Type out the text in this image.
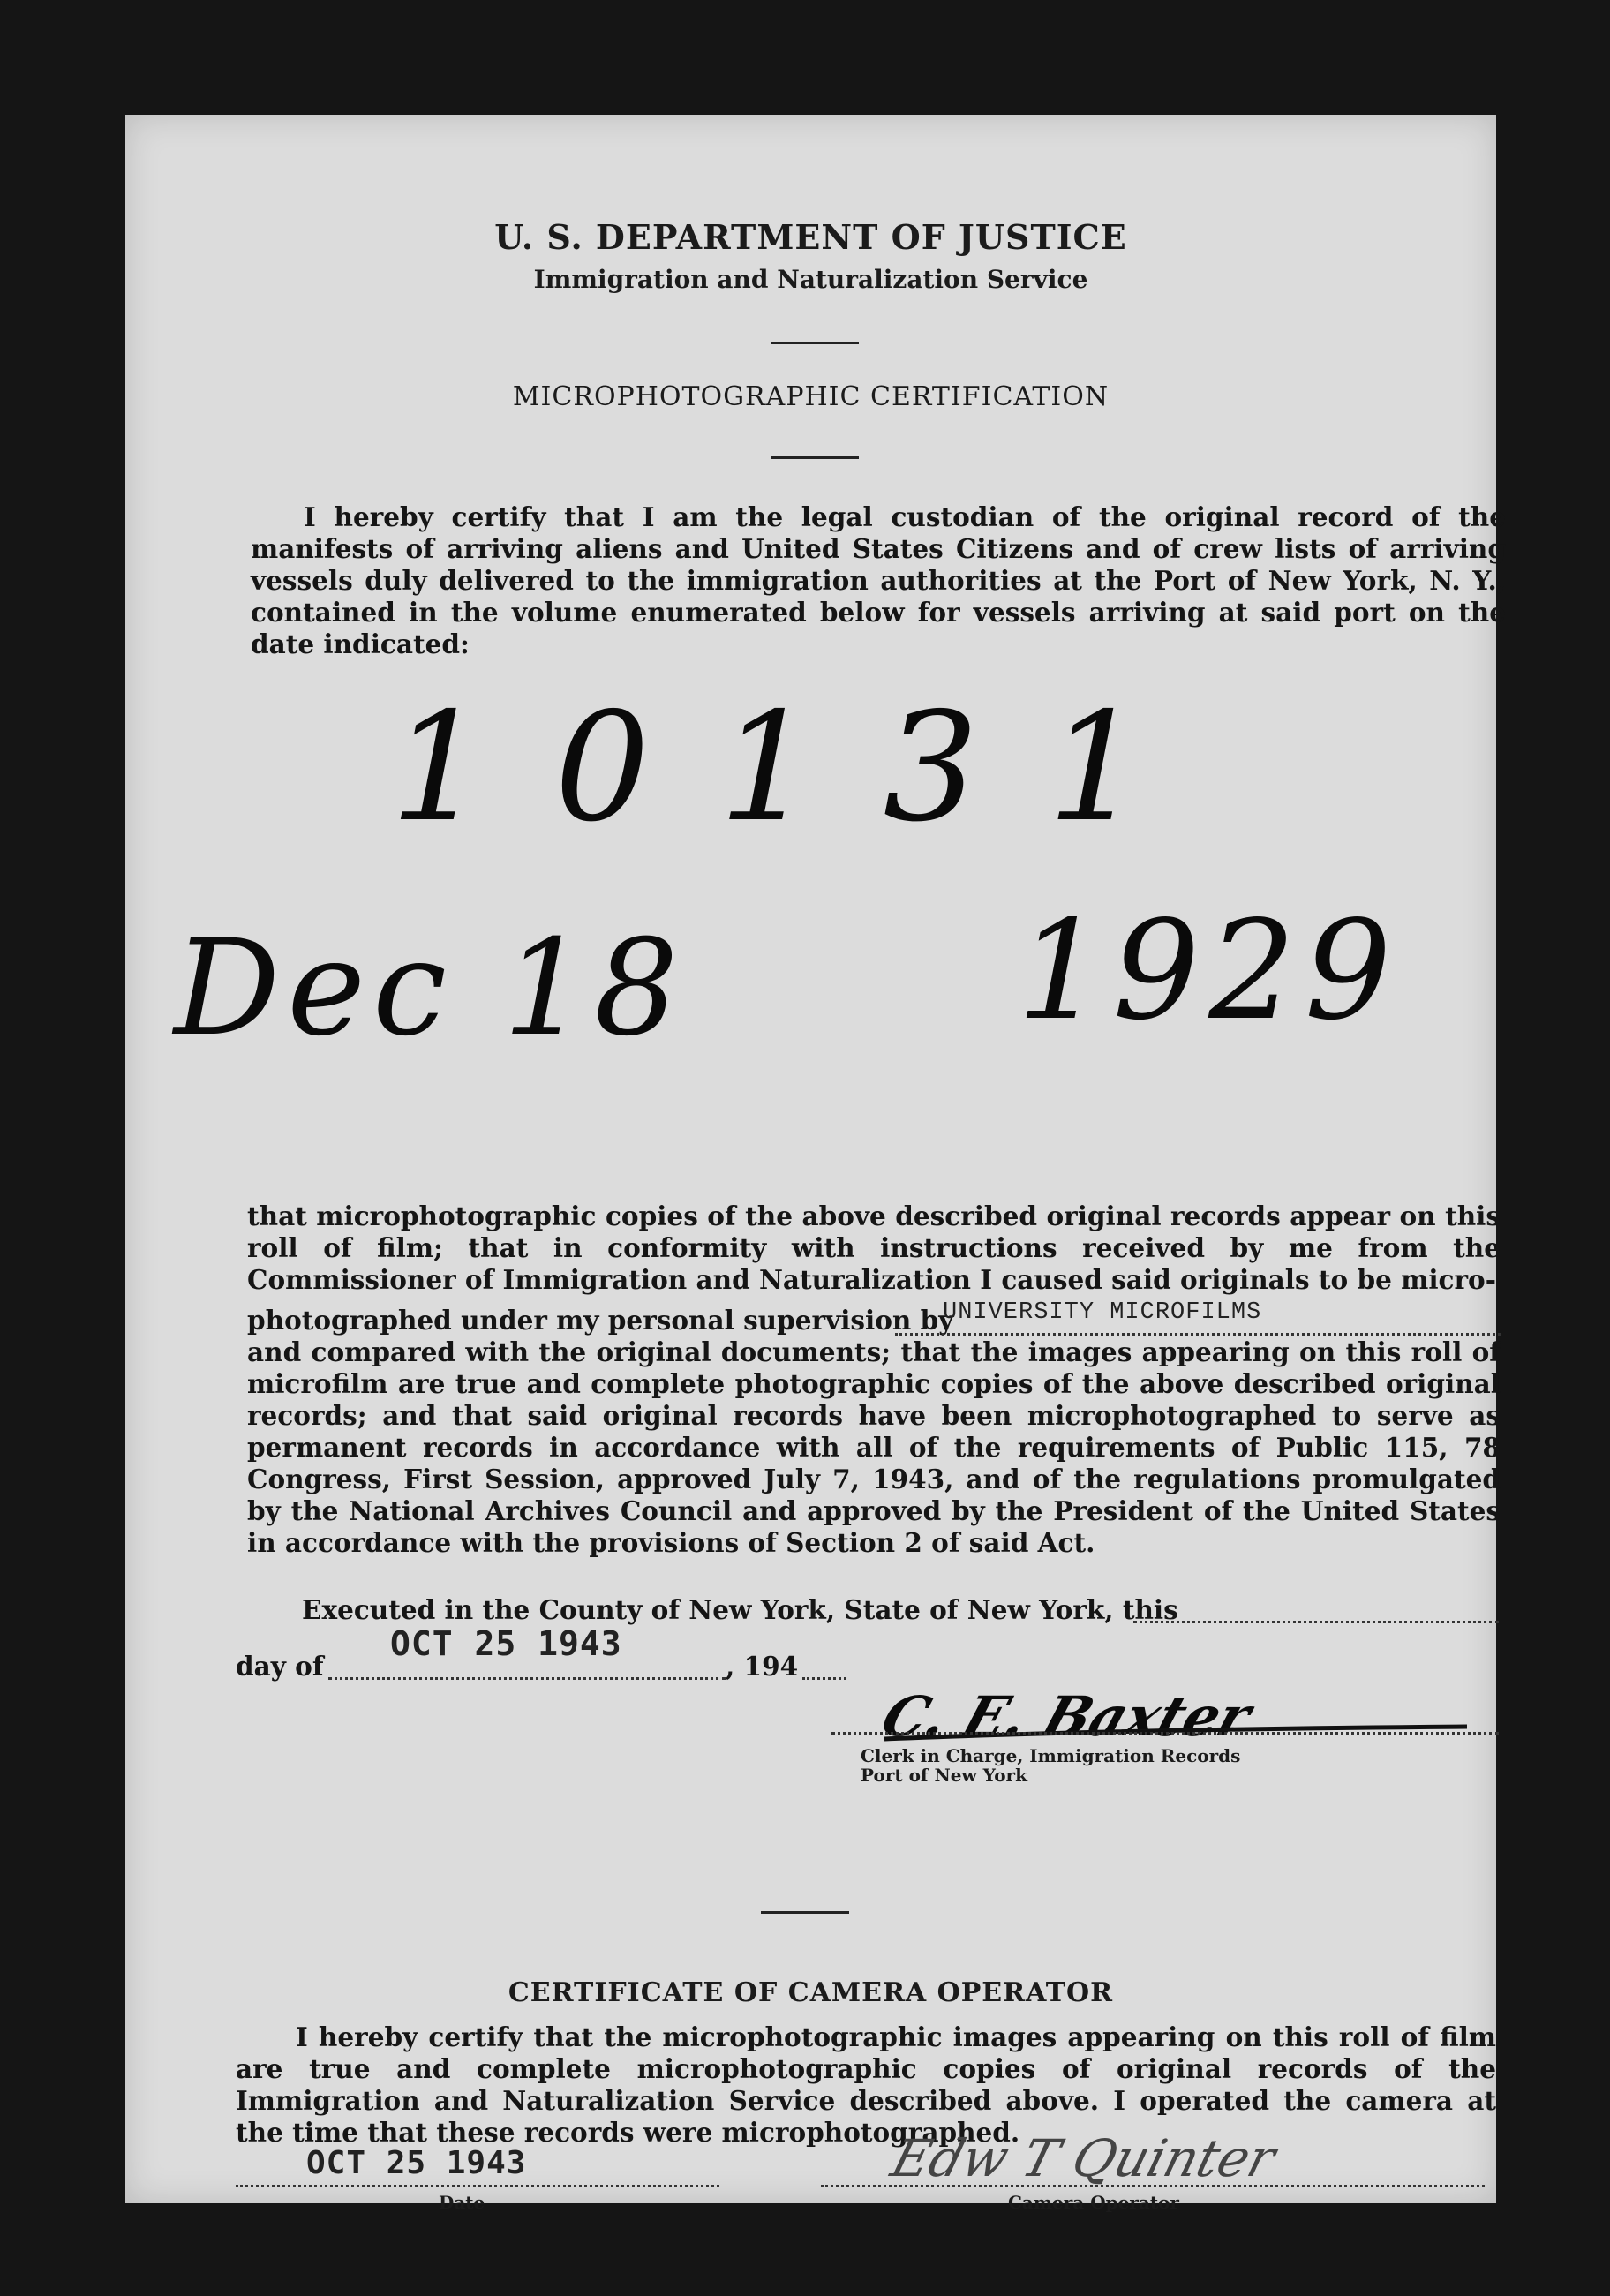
U. S. DEPARTMENT OF JUSTICE
Immigration and Naturalization Service
MICROPHOTOGRAPHIC CERTIFICATION
I hereby certify that I am the legal custodian of the original record of the manifests of arriving aliens and United States Citizens and of crew lists of arriving vessels duly delivered to the immigration authorities at the Port of New York, N. Y., contained in the volume enumerated below for vessels arriving at said port on the date indicated:
10131
Dec 18 1929
that microphotographic copies of the above described original records appear on this roll of film; that in conformity with instructions received by me from the Commissioner of Immigration and Naturalization I caused said originals to be micro-
photographed under my personal supervision by
UNIVERSITY MICROFILMS
and compared with the original documents; that the images appearing on this roll of microfilm are true and complete photographic copies of the above described original records; and that said original records have been microphotographed to serve as permanent records in accordance with all of the requirements of Public 115, 78 Congress, First Session, approved July 7, 1943, and of the regulations promulgated by the National Archives Council and approved by the President of the United States in accordance with the provisions of Section 2 of said Act.
Executed in the County of New York, State of New York, this
day of
OCT 25 1943
, 194
C. E. Baxter
Clerk in Charge, Immigration Records
Port of New York
CERTIFICATE OF CAMERA OPERATOR
I hereby certify that the microphotographic images appearing on this roll of film are true and complete microphotographic copies of original records of the Immigration and Naturalization Service described above. I operated the camera at the time that these records were microphotographed.
OCT 25 1943
Date
Edw T Quinter
Camera Operator
